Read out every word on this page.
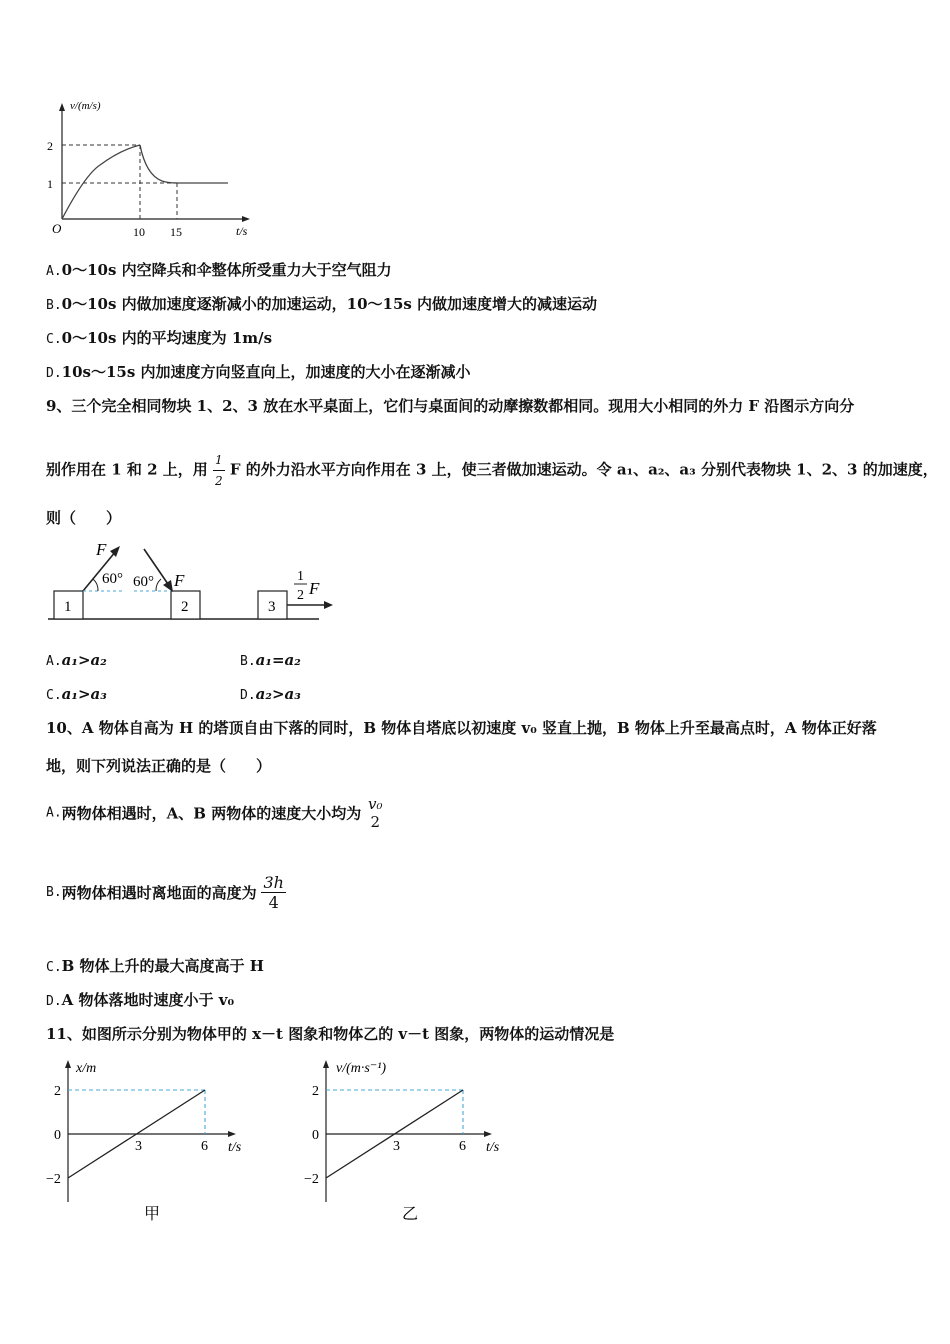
v/(m/s)
t/s
O
2
1
10 15
A.0～10s 内空降兵和伞整体所受重力大于空气阻力
B.0～10s 内做加速度逐渐减小的加速运动，10～15s 内做加速度增大的减速运动
C.0～10s 内的平均速度为 1m/s
D.10s～15s 内加速度方向竖直向上，加速度的大小在逐渐减小
9、三个完全相同物块 1、2、3 放在水平桌面上，它们与桌面间的动摩擦数都相同。现用大小相同的外力 F 沿图示方向分
别作用在 1 和 2 上，用 $\frac{1}{2}$ F 的外力沿水平方向作用在 3 上，使三者做加速运动。令 a₁、a₂、a₃ 分别代表物块 1、2、3 的加速度，
则（　　）
1	2	3
F
60° 60° F	1
2 F
A.a₁>a₂	B.a₁=a₂
C.a₁>a₃	D.a₂>a₃
10、A 物体自高为 H 的塔顶自由下落的同时，B 物体自塔底以初速度 v₀ 竖直上抛，B 物体上升至最高点时，A 物体正好落
地，则下列说法正确的是（　　）
A.两物体相遇时，A、B 两物体的速度大小均为
v₀
2
B.两物体相遇时离地面的高度为 $\frac{3h}{4}$
C.B 物体上升的最大高度高于 H
D.A 物体落地时速度小于 v₀
11、如图所示分别为物体甲的 x－t 图象和物体乙的 v－t 图象，两物体的运动情况是
x/m
t/s
2
0
−2
3	6
甲
v/(m·s⁻¹)
t/s
2
0
−2
3	6
乙
